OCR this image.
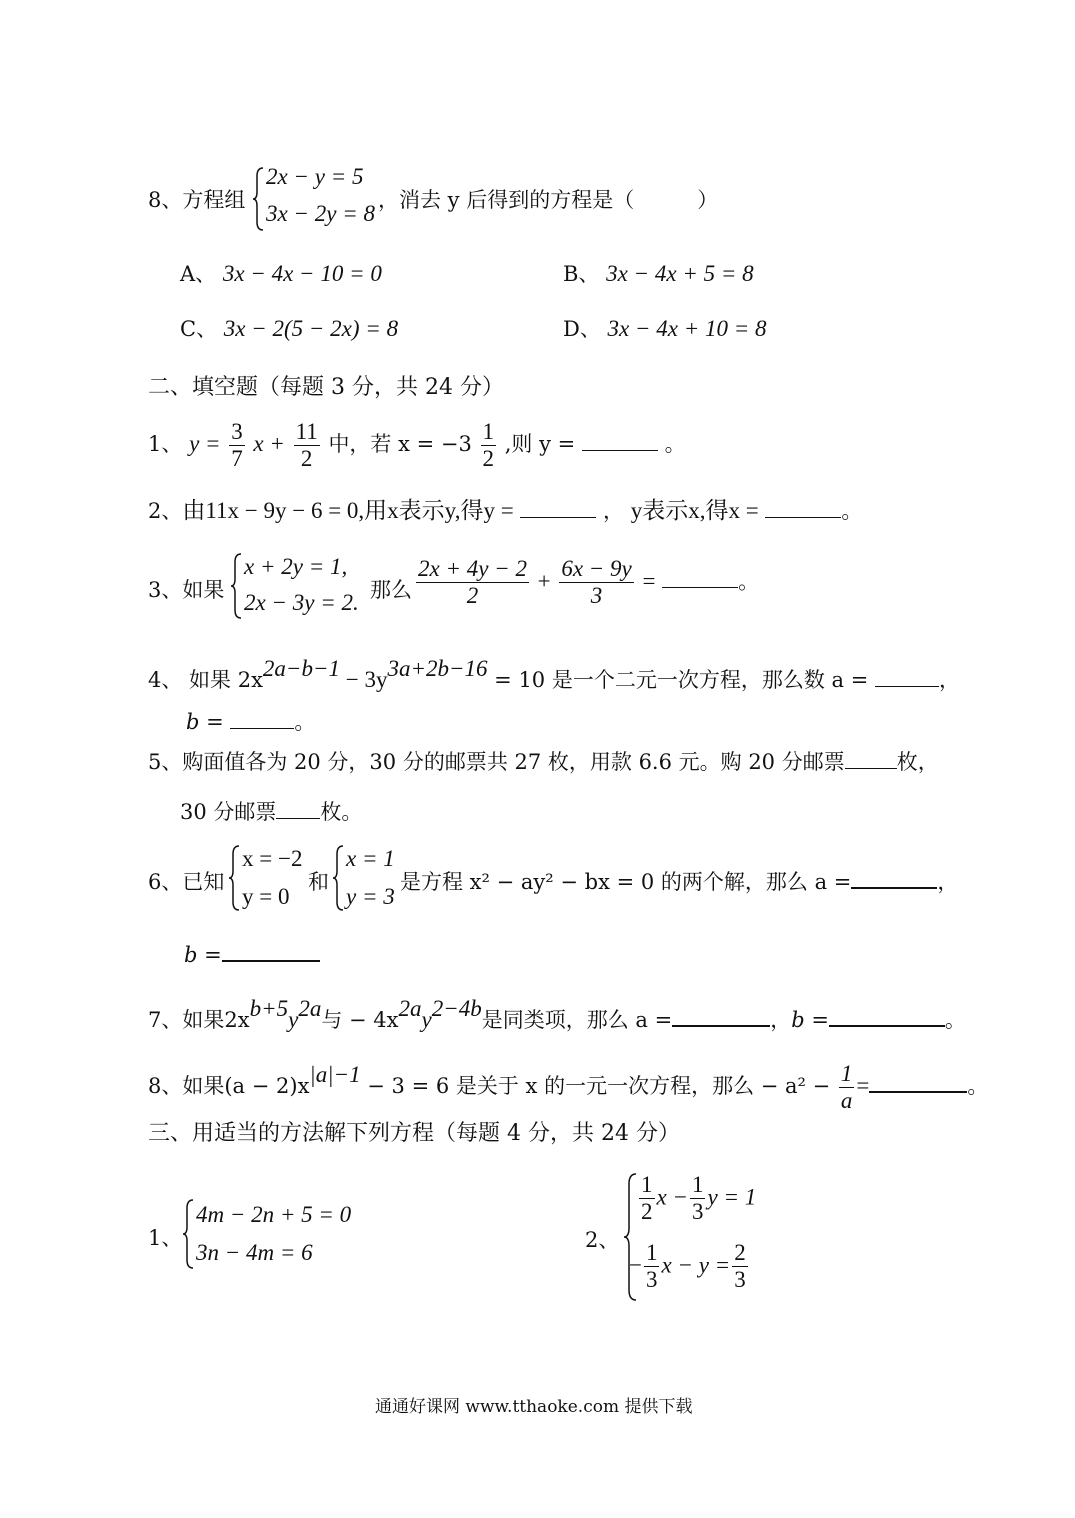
8、方程组
2x − y = 5
3x − 2y = 8
，消去 y 后得到的方程是（　　　）
A、 3x − 4x − 10 = 0	B、 3x − 4x + 5 = 8
C、 3x − 2(5 − 2x) = 8	D、 3x − 4x + 10 = 8
二、填空题（每题 3 分，共 24 分）
1、 $y = \frac{3}{7}$ $x + \frac{11}{2}$ 中，若 $x = -3 \frac{1}{2}$ ,则 y =	。
2、由11x − 9y − 6 = 0,用x表示y,得y =	， y表示x,得x =	。
3、如果
x + 2y = 1,
2x − 3y = 2. 那么 $\frac{2x + 4y - 2}{2} + \frac{6x - 9y}{3}$ =	。
4、 如果 $2x^{2a-b-1} - 3y^{3a+2b-16} = 10$ 是一个二元一次方程，那么数 a =	，
b =	。
5、购面值各为 20 分，30 分的邮票共 27 枚，用款 6.6 元。购 20 分邮票 枚，
30 分邮票 枚。
6、已知
x = −2
y = 0
和
x = 1
y = 3
是方程 x² − ay² − bx = 0 的两个解，那么 a =	，
b =
7、如果$2x^{b+5}y^{2a}$与 − $4x^{2a}y^{2-4b}$是同类项，那么 a =	，b =	。
8、如果$(a - 2)x^{|a|-1} - 3 = 6$ 是关于 x 的一元一次方程，那么 − $a^2 - \frac{1}{a}$ =	。
三、用适当的方法解下列方程（每题 4 分，共 24 分）
1、
4m − 2n + 5 = 0
3n − 4m = 6	2、
$\frac{1}{2}$ $x - \frac{1}{3}$ y = 1
− $\frac{1}{3}$ $x - y = \frac{2}{3}$
通通好课网 www.tthaoke.com 提供下载
